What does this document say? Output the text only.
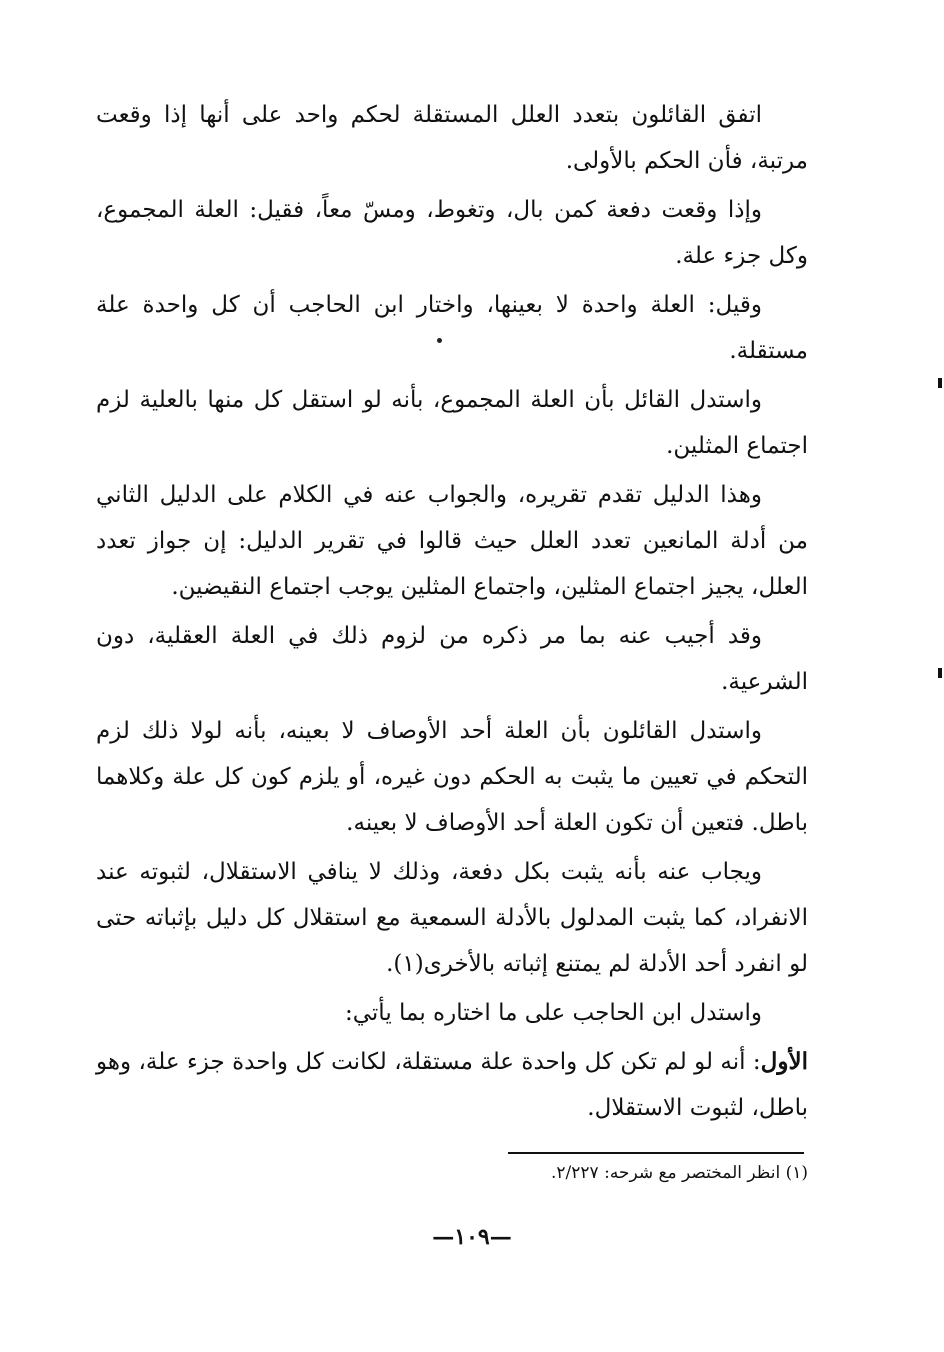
اتفق القائلون بتعدد العلل المستقلة لحكم واحد على أنها إذا وقعت مرتبة، فأن الحكم بالأولى.

وإذا وقعت دفعة كمن بال، وتغوط، ومسّ معاً، فقيل: العلة المجموع، وكل جزء علة.

وقيل: العلة واحدة لا بعينها، واختار ابن الحاجب أن كل واحدة علة مستقلة.

واستدل القائل بأن العلة المجموع، بأنه لو استقل كل منها بالعلية لزم اجتماع المثلين.

وهذا الدليل تقدم تقريره، والجواب عنه في الكلام على الدليل الثاني من أدلة المانعين تعدد العلل حيث قالوا في تقرير الدليل: إن جواز تعدد العلل، يجيز اجتماع المثلين، واجتماع المثلين يوجب اجتماع النقيضين.

وقد أجيب عنه بما مر ذكره من لزوم ذلك في العلة العقلية، دون الشرعية.

واستدل القائلون بأن العلة أحد الأوصاف لا بعينه، بأنه لولا ذلك لزم التحكم في تعيين ما يثبت به الحكم دون غيره، أو يلزم كون كل علة وكلاهما باطل. فتعين أن تكون العلة أحد الأوصاف لا بعينه.

ويجاب عنه بأنه يثبت بكل دفعة، وذلك لا ينافي الاستقلال، لثبوته عند الانفراد، كما يثبت المدلول بالأدلة السمعية مع استقلال كل دليل بإثباته حتى لو انفرد أحد الأدلة لم يمتنع إثباته بالأخرى(١).

واستدل ابن الحاجب على ما اختاره بما يأتي:

الأول: أنه لو لم تكن كل واحدة علة مستقلة، لكانت كل واحدة جزء علة، وهو باطل، لثبوت الاستقلال.

(١) انظر المختصر مع شرحه: ٢/٢٢٧.
—١٠٩—
